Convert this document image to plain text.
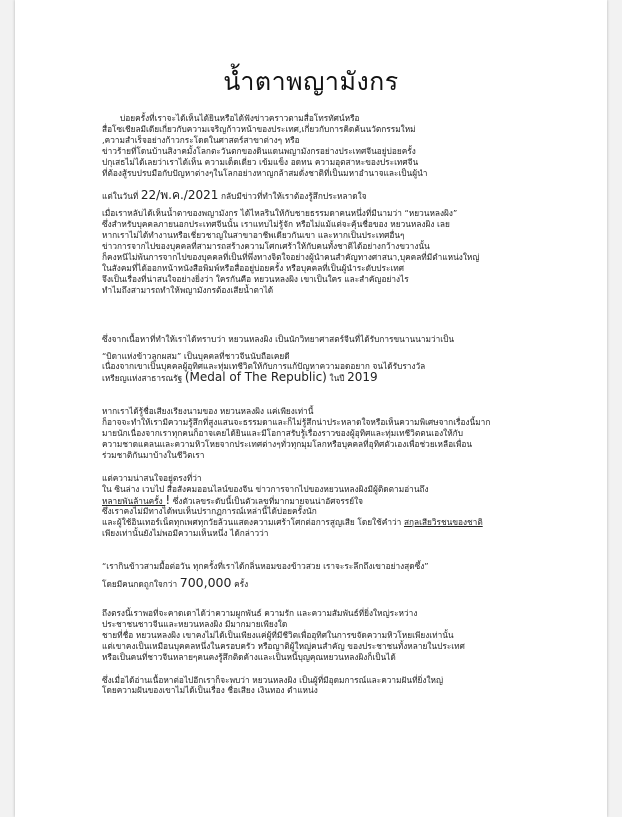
น้ำตาพญามังกร

บ่อยครั้งที่เราจะได้เห็นได้ยินหรือได้ฟังข่าวคราวตามสื่อโทรทัศน์หรือ

สื่อโซเชียลมีเดียเกี่ยวกับความเจริญก้าวหน้าของประเทศ,เกี่ยวกับการคิดค้นนวัตกรรมใหม่

,ความสำเร็จอย่างก้าวกระโดดในศาสตร์สาขาต่างๆ หรือ

ข่าวร้ายที่โดนบ้านสิงาคมั้งโลกตะวันตกของดินแดนพญามังกรอย่างประเทศจีนอยู่บ่อยครั้ง

ปกุเสธไม่ได้เลยว่าเราได้เห็น ความเด็ดเดี่ยว เข้มแข็ง อดทน ความอุตสาหะของประเทศจีน

ที่ต้องสู้รบปรบมือกับปัญหาต่างๆในโลกอย่างหาญกล้าสมดั่งชาติที่เป็นมหาอำนาจและเป็นผู้นำ

แต่ในวันที่ 22/พ.ค./2021 กลับมีข่าวที่ทำให้เราต้องรู้สึกประหลาดใจ

เมื่อเราหลับได้เห็นน้ำตาของพญามังกร ได้ไหลรินให้กับชายธรรมดาคนหนึ่งที่มีนามว่า “หยวนหลงผิง”

ซึ่งสำหรับบุคคลภายนอกประเทศจีนนั้น เราแทบไม่รู้จัก หรือไม่แม้แต่จะคุ้นชื่อของ หยวนหลงผิง เลย

หากเราไม่ได้ทำงานหรือเชี่ยวชาญในสาขาอาชีพเดียวกันเขา และหากเป็นประเทศอื่นๆ

ข่าวการจากไปของบุคคลที่สามารถสร้างความโศกเศร้าให้กับคนทั้งชาติได้อย่างกว้างขวางนั้น

ก็คงหนีไม่พ้นการจากไปของบุคคลที่เป็นที่พึ่งทางจิตใจอย่างผู้นำคนสำคัญทางศาสนา,บุคคลที่มีตำแหน่งใหญ่

ในสังคมที่ได้ออกหน้าหนังสือพิมพ์หรือสื่ออยู่บ่อยครั้ง หรือบุคคลที่เป็นผู้นำระดับประเทศ

จึงเป็นเรื่องที่น่าสนใจอย่างยิ่งว่า ใครกันคือ หยวนหลงผิง เขาเป็นใคร และสำคัญอย่างไร

ทำไมถึงสามารถทำให้พญามังกรต้องเสียน้ำตาได้

ซึ่งจากเนื้อหาที่ทำให้เราได้ทราบว่า หยวนหลงผิง เป็นนักวิทยาศาสตร์จีนที่ได้รับการขนานนามว่าเป็น

“บิดาแห่งข้าวลูกผสม” เป็นบุคคลที่ชาวจีนนับถือเคยดี

เนื่องจากเขาเป็นบุคคลผู้อุทิศและทุ่มเทชีวิตให้กับการแก้ปัญหาความอดอยาก จนได้รับรางวัล

เหรียญแห่งสาธารณรัฐ (Medal of The Republic) ในปี 2019

หากเราได้รู้ชื่อเสียงเรียงนามของ หยวนหลงผิง แค่เพียงเท่านี้

ก็อาจจะทำให้เรามีความรู้สึกที่สูงแสนจะธรรมดาและก็ไม่รู้สึกน่าประหลาดใจหรือเห็นความพิเศษจากเรื่องนี้มาก

มายนักเนื่องจากเราทุกคนก็อาจเคยได้ยินและมีโอกาสรับรู้เรื่องราวของผู้อุทิศและทุ่มเทชีวิตตนเองให้กับ

ความชาดแคลนและความหิวโหยจากประเทศต่างๆทั่วทุกมุมโลกหรือบุคคลที่อุทิศตัวเองเพื่อช่วยเหลือเพื่อน

ร่วมชาติกันมาบ้างในชีวิตเรา

แต่ความน่าสนใจอยู่ตรงที่ว่า

ใน ซินล่าง เวบไป สื่อสังคมออนไลน์ของจีน ข่าวการจากไปของหยวนหลงผิงมีผู้ติดตามอ่านถึง

หลายพันล้านครั้ง ! ซึ่งตัวเลขระดับนี้เป็นตัวเลขที่มากมายจนน่าอัศจรรย์ใจ

ซึ่งเราคงไม่มีทางได้พบเห็นปรากฏการณ์เหล่านี้ได้บ่อยครั้งนัก

และผู้ใช้อินเทอร์เน็ตทุกเพศทุกวัยล้วนแสดงความเศร้าโศกต่อการสูญเสีย โดยใช้คำว่า สกุลเสียวิรชนของชาติ

เพียงเท่านั้นยังไม่พอมีความเห็นหนึ่ง ได้กล่าวว่า

“เรากินข้าวสามมื้อต่อวัน ทุกครั้งที่เราได้กลิ่นหอมของข้าวสวย เราจะระลึกถึงเขาอย่างสุดซึ้ง”

โดยมีคนกดถูกใจกว่า 700,000 ครั้ง

ถึงตรงนี้เราพอที่จะคาดเดาได้ว่าความผูกพันธ์ ความรัก และความสัมพันธ์ที่ยิ่งใหญ่ระหว่าง

ประชาชนชาวจีนและหยวนหลงผิง มีมากมายเพียงใด

ชายที่ชื่อ หยวนหลงผิง เขาคงไม่ได้เป็นเพียงแค่ผู้ที่มีชีวิตเพื่ออุทิศในการขจัดความหิวโหยเพียงเท่านั้น

แต่เขาคงเป็นเหมือนบุคคลหนึ่งในครอบครัว หรือญาติผู้ใหญ่คนสำคัญ ของประชาชนทั้งหลายในประเทศ

หรือเป็นคนที่ชาวจีนหลายๆคนคงรู้สึกติดค้างและเป็นหนี้บุญคุณหยวนหลงผิงก็เป็นได้

ซึ่งเมื่อได้อ่านเนื้อหาต่อไปอีกเราก็จะพบว่า หยวนหลงผิง เป็นผู้ที่มีอุดมการณ์และความฝันที่ยิ่งใหญ่

โดยความฝันของเขาไม่ได้เป็นเรื่อง ชื่อเสียง เงินทอง ตำแหน่ง
